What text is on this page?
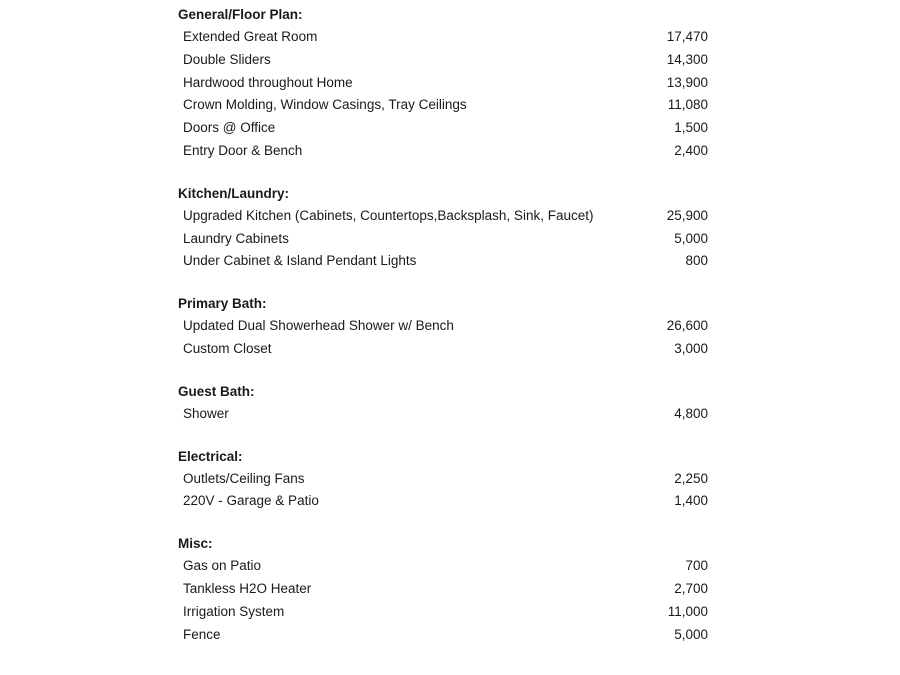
General/Floor Plan:
Extended Great Room	17,470
Double Sliders	14,300
Hardwood throughout Home	13,900
Crown Molding, Window Casings, Tray Ceilings	11,080
Doors @ Office	1,500
Entry Door & Bench	2,400
Kitchen/Laundry:
Upgraded Kitchen (Cabinets, Countertops,Backsplash, Sink, Faucet)	25,900
Laundry Cabinets	5,000
Under Cabinet & Island Pendant Lights	800
Primary Bath:
Updated Dual Showerhead Shower w/ Bench	26,600
Custom Closet	3,000
Guest Bath:
Shower	4,800
Electrical:
Outlets/Ceiling Fans	2,250
220V - Garage & Patio	1,400
Misc:
Gas on Patio	700
Tankless H2O Heater	2,700
Irrigation System	11,000
Fence	5,000
